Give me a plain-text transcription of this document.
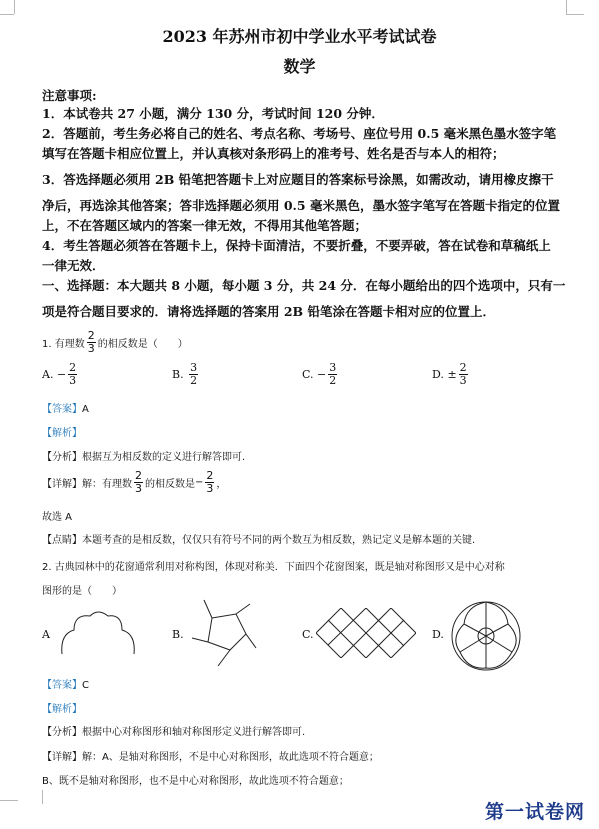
2023 年苏州市初中学业水平考试试卷
数学
注意事项:
1．本试卷共 27 小题，满分 130 分，考试时间 120 分钟．
2．答题前，考生务必将自己的姓名、考点名称、考场号、座位号用 0.5 毫米黑色墨水签字笔
填写在答题卡相应位置上，并认真核对条形码上的准考号、姓名是否与本人的相符；
3．答选择题必须用 2B 铅笔把答题卡上对应题目的答案标号涂黑，如需改动，请用橡皮擦干
净后，再选涂其他答案；答非选择题必须用 0.5 毫米黑色，墨水签字笔写在答题卡指定的位置
上，不在答题区域内的答案一律无效，不得用其他笔答题；
4．考生答题必须答在答题卡上，保持卡面清洁，不要折叠，不要弄破，答在试卷和草稿纸上
一律无效．
一、选择题：本大题共 8 小题，每小题 3 分，共 24 分．在每小题给出的四个选项中，只有一
项是符合题目要求的．请将选择题的答案用 2B 铅笔涂在答题卡相对应的位置上．
1. 有理数 $\frac{2}{3}$ 的相反数是（　　）
A.
− $\frac{2}{3}$	B.
$\frac{3}{2}$	C.
− $\frac{3}{2}$	D.
± $\frac{2}{3}$
【答案】A
【解析】
【分析】根据互为相反数的定义进行解答即可.
【详解】 解：有理数 $\frac{2}{3}$ 的相反数是 − $\frac{2}{3}$ ，
故选 A
【点睛】本题考查的是相反数，仅仅只有符号不同的两个数互为相反数，熟记定义是解本题的关键.
2. 古典园林中的花窗通常利用对称构图，体现对称美．下面四个花窗图案，既是轴对称图形又是中心对称
图形的是（　　）
A	B.	C.	D.
【答案】C
【解析】
【分析】根据中心对称图形和轴对称图形定义进行解答即可.
【详解】解：A、是轴对称图形，不是中心对称图形，故此选项不符合题意；
B、既不是轴对称图形，也不是中心对称图形，故此选项不符合题意；
第一试卷网
